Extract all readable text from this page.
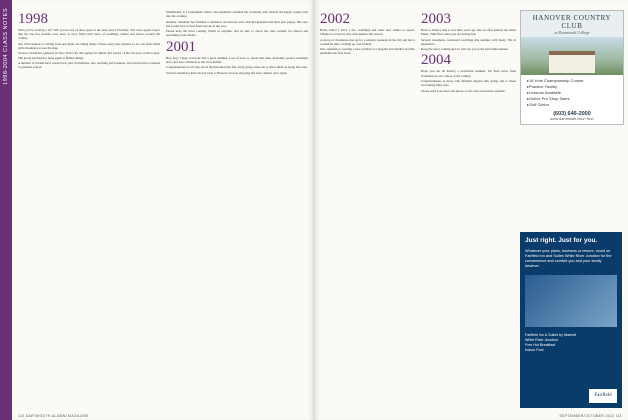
1998-2004 CLASS NOTES 1998

Will you be wearing a tie? Will you be one of those guys at the next party? Probably. The class agents report that the last few months were busy as ever, filled with news of weddings, babies and moves around the country.

Our 10th reunion is coming soon and plans are taking shape. Please send your updates so we can share them with classmates across the map.

Several classmates gathered in New York City this spring for dinner and stories of the old days on the Green. The group promised to meet again at Homecoming.

A number of friends have started new jobs in medicine, law, teaching and business, and several have returned to graduate school.

McMenamy is a bridesmaid. Other class members attended the ceremony and cheered the happy couple well into the evening.

Another classmate has finished a residency and moved west with her husband and their new puppy. She says she would love to hear from anyone in the area.

Please keep the news coming. Email us anytime, and be sure to check the class website for photos and upcoming event details.

2001

Hey, hey! I hope everyone had a great summer. Lots of news to report this time, including several weddings and a few new additions to the class family.

Congratulations to all who ran in the marathon this fall. A big group came out to cheer them on along the route.

Several classmates have moved back to Hanover and are enjoying life near campus once again.

110 DARTMOUTH ALUMNI MAGAZINE
2002

Hello, hello! I have a few weddings and some new babies to report. Thanks to everyone who sent updates this season.

A group of classmates met up for a reunion weekend in the city and had a wonderful time catching up over brunch.

One classmate is starting a new position at a hospital and another recently published her first book.

2003

Hard to believe that it was nine years ago that we first learned the Alma Mater. Time flies when you are having fun.

Several classmates celebrated weddings this summer with many '03s in attendance.

Keep the notes coming and we will see you at the next mini-reunion.

2004

Hope you are all having a wonderful summer. We have news from classmates in all corners of the country.

Congratulations to those who finished degrees this spring and to those welcoming little ones.

Please send your news and photos to the class secretaries anytime.

HANOVER COUNTRY CLUB
at Dartmouth College
▸ 18 Hole Championship Course
▸ Practice Facility
▸ Lessons Available
▸ Online Pro Shop Sales
▸ Golf Clinics
(603) 646-2000
www.dartmouth.edu/~hcc/
Just right. Just for you.
Whatever your plans, business or leisure, count on Fairfield Inn and Suites White River Junction for the convenience and comfort you and your family deserve.
Fairfield Inn & Suites by Marriott
White River Junction
Free Hot Breakfast
Indoor Pool
Fairfield
SEPTEMBER/OCTOBER 2012 111
